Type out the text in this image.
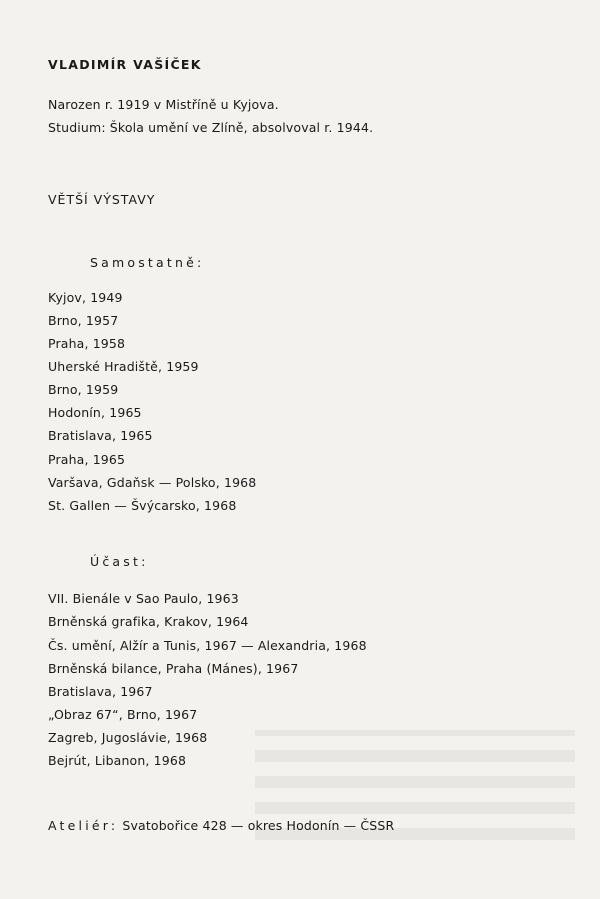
VLADIMÍR VAŠÍČEK

Narozen r. 1919 v Mistříně u Kyjova.

Studium: Škola umění ve Zlíně, absolvoval r. 1944.

VĚTŠÍ VÝSTAVY
Samostatně:
Kyjov, 1949
Brno, 1957
Praha, 1958
Uherské Hradiště, 1959
Brno, 1959
Hodonín, 1965
Bratislava, 1965
Praha, 1965
Varšava, Gdaňsk — Polsko, 1968
St. Gallen — Švýcarsko, 1968
Účast:
VII. Bienále v Sao Paulo, 1963
Brněnská grafika, Krakov, 1964
Čs. umění, Alžír a Tunis, 1967 — Alexandria, 1968
Brněnská bilance, Praha (Mánes), 1967
Bratislava, 1967
„Obraz 67“, Brno, 1967
Zagreb, Jugoslávie, 1968
Bejrút, Libanon, 1968

Ateliér: Svatobořice 428 — okres Hodonín — ČSSR
